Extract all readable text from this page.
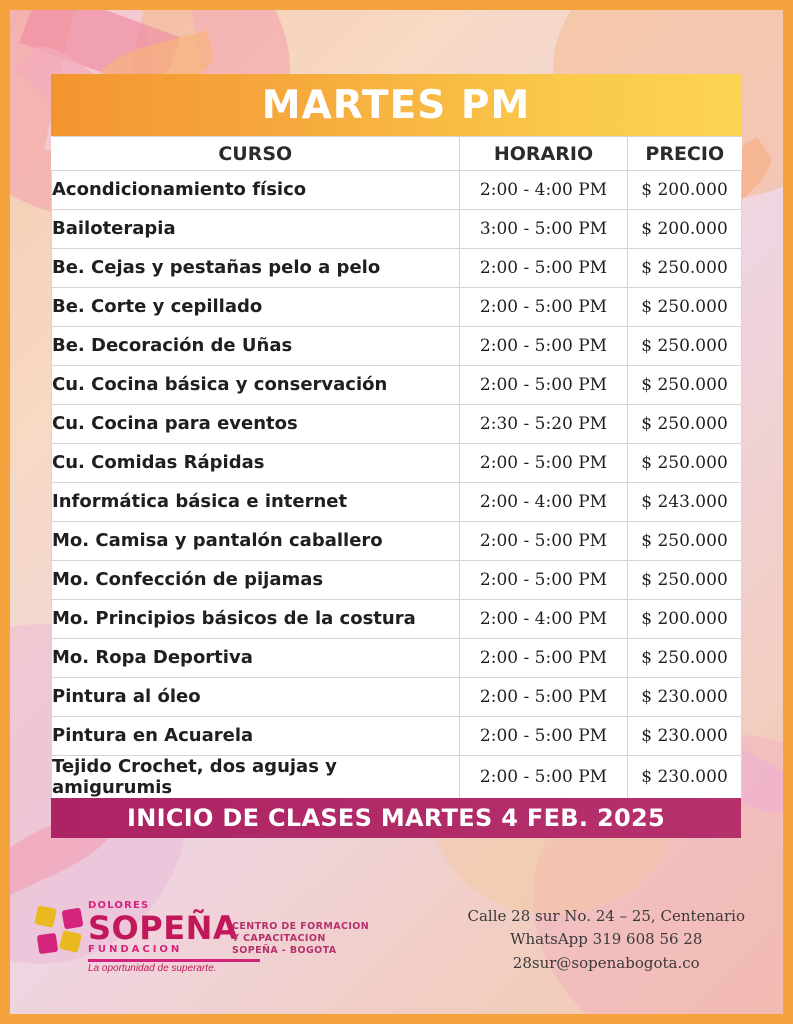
MARTES PM
CURSO	HORARIO	PRECIO
Acondicionamiento físico	2:00 - 4:00 PM	$ 200.000
Bailoterapia	3:00 - 5:00 PM	$ 200.000
Be. Cejas y pestañas pelo a pelo	2:00 - 5:00 PM	$ 250.000
Be. Corte y cepillado	2:00 - 5:00 PM	$ 250.000
Be. Decoración de Uñas	2:00 - 5:00 PM	$ 250.000
Cu. Cocina básica y conservación	2:00 - 5:00 PM	$ 250.000
Cu. Cocina para eventos	2:30 - 5:20 PM	$ 250.000
Cu. Comidas Rápidas	2:00 - 5:00 PM	$ 250.000
Informática básica e internet	2:00 - 4:00 PM	$ 243.000
Mo. Camisa y pantalón caballero	2:00 - 5:00 PM	$ 250.000
Mo. Confección de pijamas	2:00 - 5:00 PM	$ 250.000
Mo. Principios básicos de la costura	2:00 - 4:00 PM	$ 200.000
Mo. Ropa Deportiva	2:00 - 5:00 PM	$ 250.000
Pintura al óleo	2:00 - 5:00 PM	$ 230.000
Pintura en Acuarela	2:00 - 5:00 PM	$ 230.000
Tejido Crochet, dos agujas y amigurumis	2:00 - 5:00 PM	$ 230.000
INICIO DE CLASES MARTES 4 FEB. 2025
DOLORES
SOPEÑA
FUNDACION
La oportunidad de superarte.
CENTRO DE FORMACION
Y CAPACITACION
SOPEÑA - BOGOTA
Calle 28 sur No. 24 – 25, Centenario
WhatsApp 319 608 56 28
28sur@sopenabogota.co
